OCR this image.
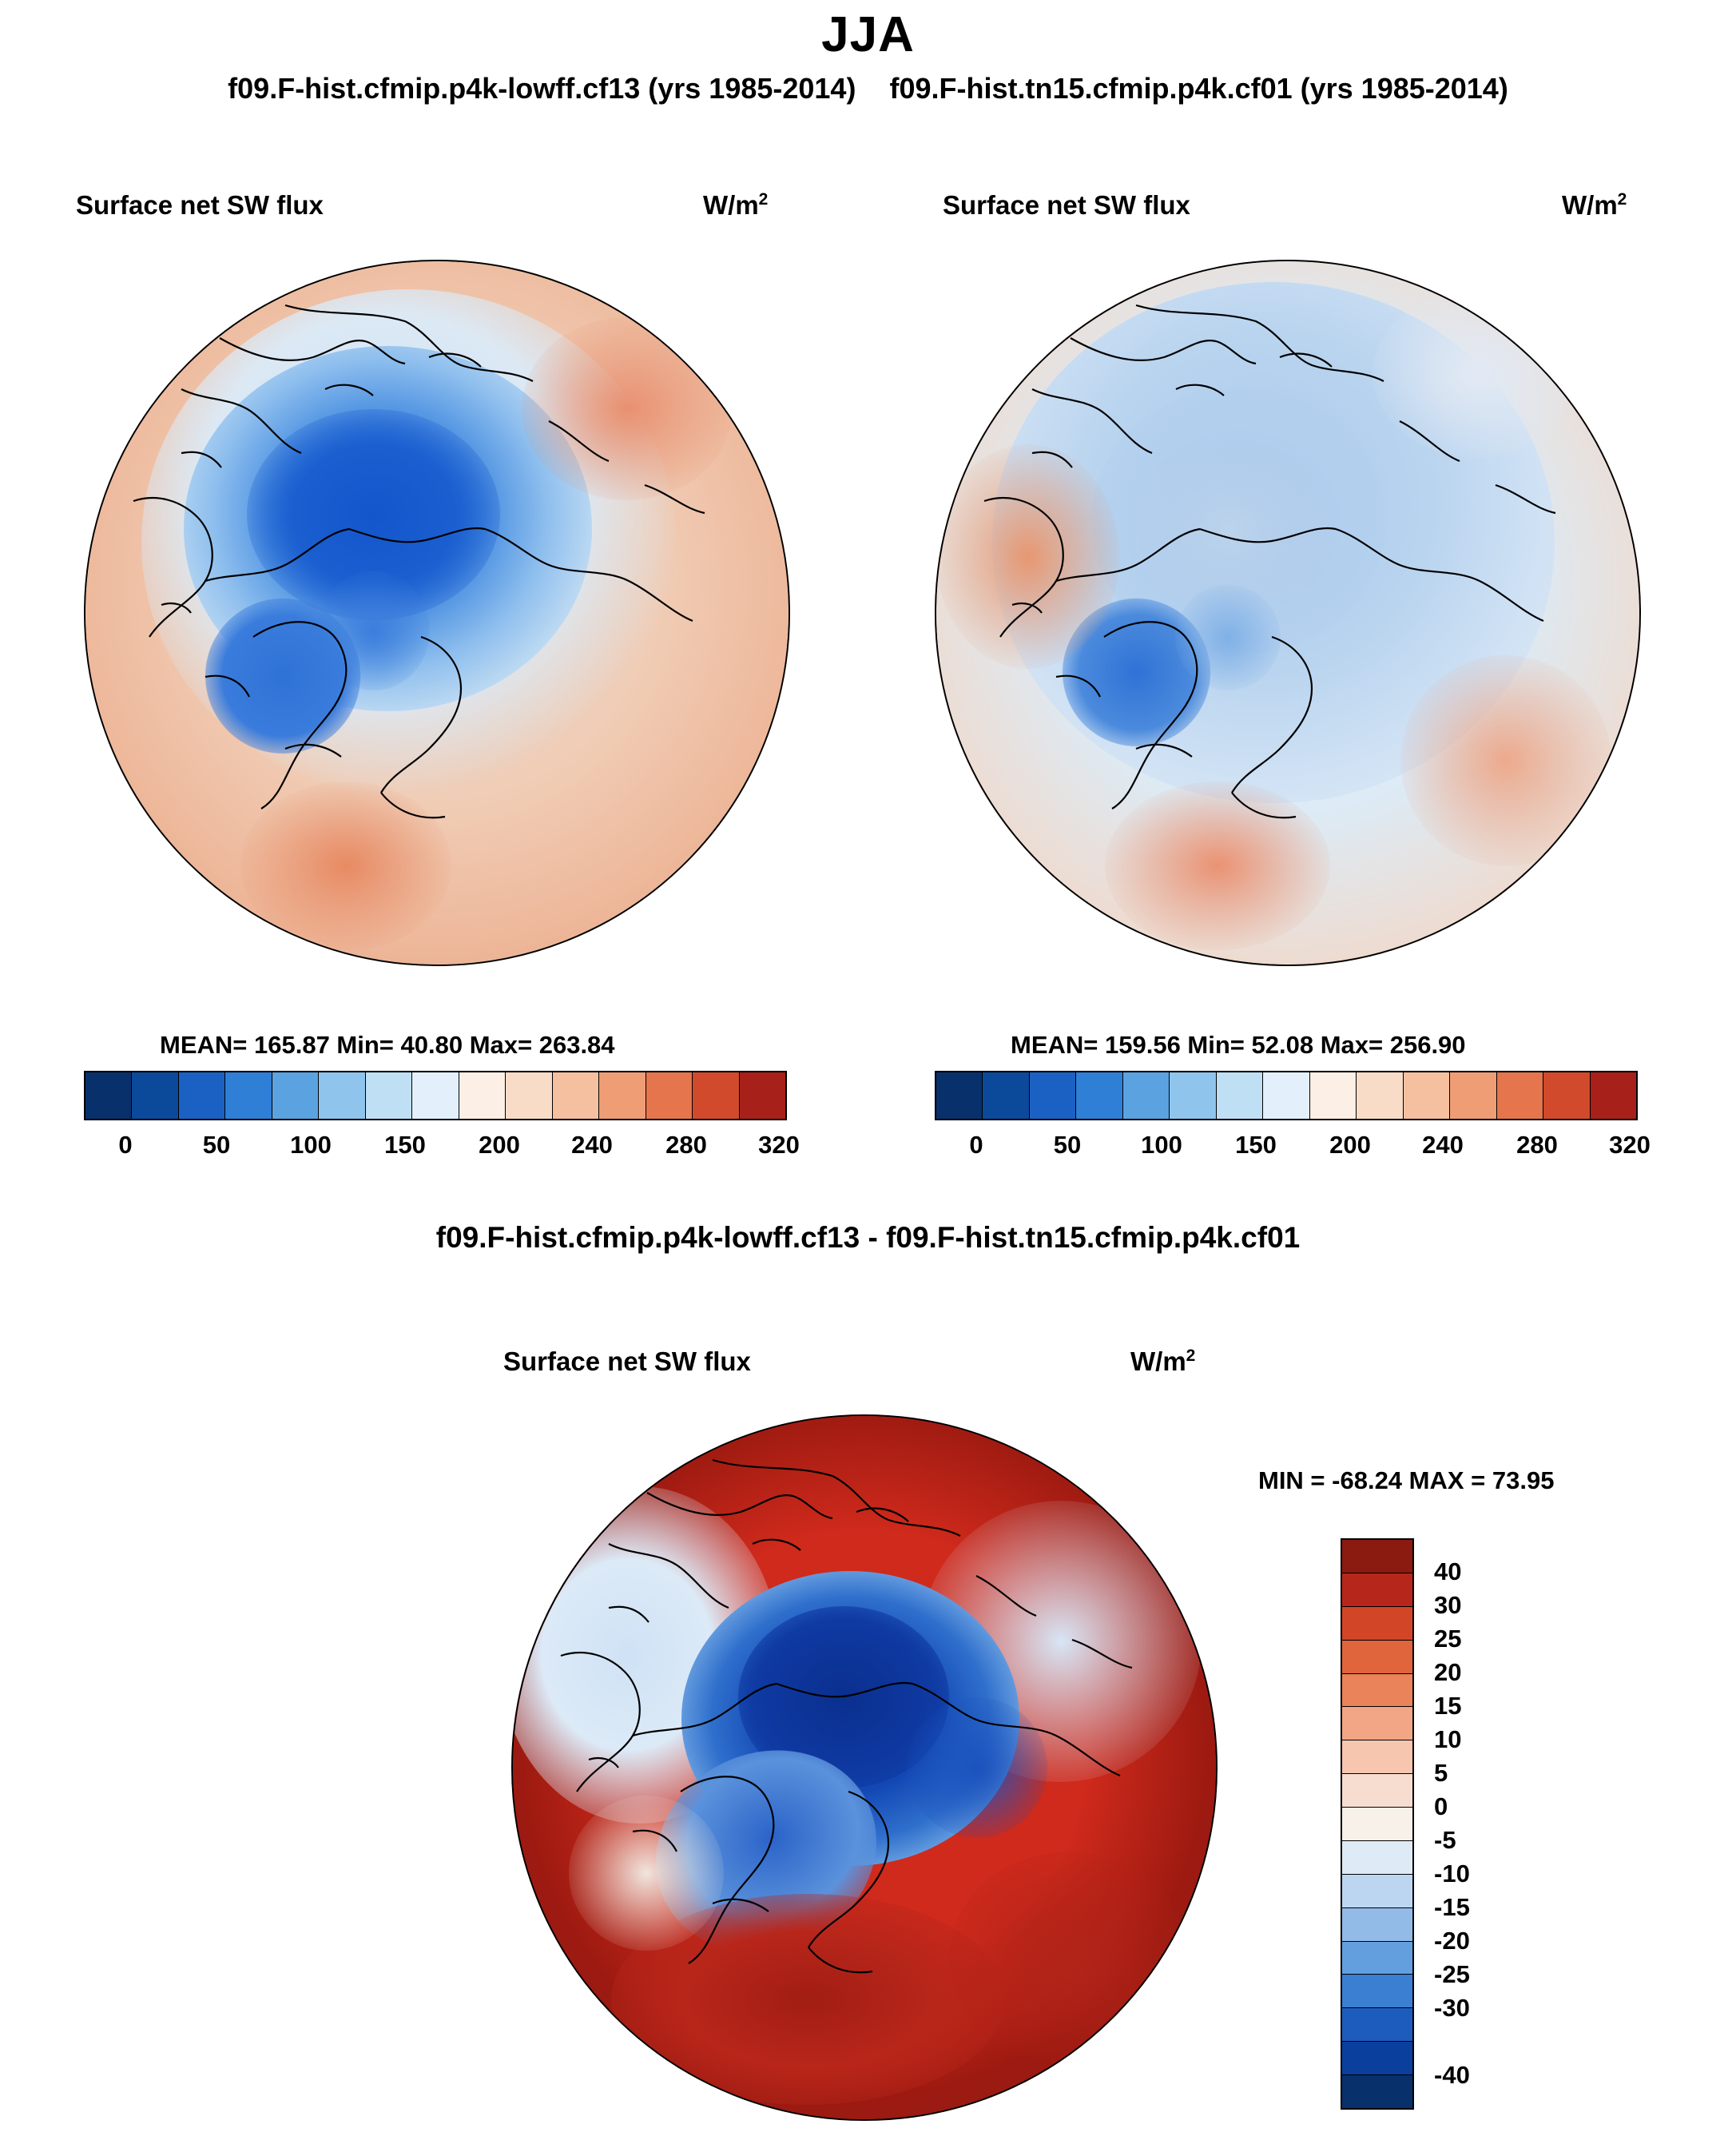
JJA
f09.F-hist.cfmip.p4k-lowff.cf13 (yrs 1985-2014) f09.F-hist.tn15.cfmip.p4k.cf01 (yrs 1985-2014)
Surface net SW flux	$W/m^2$
MEAN= 165.87 Min= 40.80 Max= 263.84
0	50 100 150 200 240 280 320
Surface net SW flux	$W/m^2$
MEAN= 159.56 Min= 52.08 Max= 256.90
0	50 100 150 200 240 280 320
f09.F-hist.cfmip.p4k-lowff.cf13 - f09.F-hist.tn15.cfmip.p4k.cf01
Surface net SW flux	$W/m^2$
MIN = -68.24 MAX = 73.95
40
30
25
20
15
10
5
0
-5
-10
-15
-20
-25
-30
-40
